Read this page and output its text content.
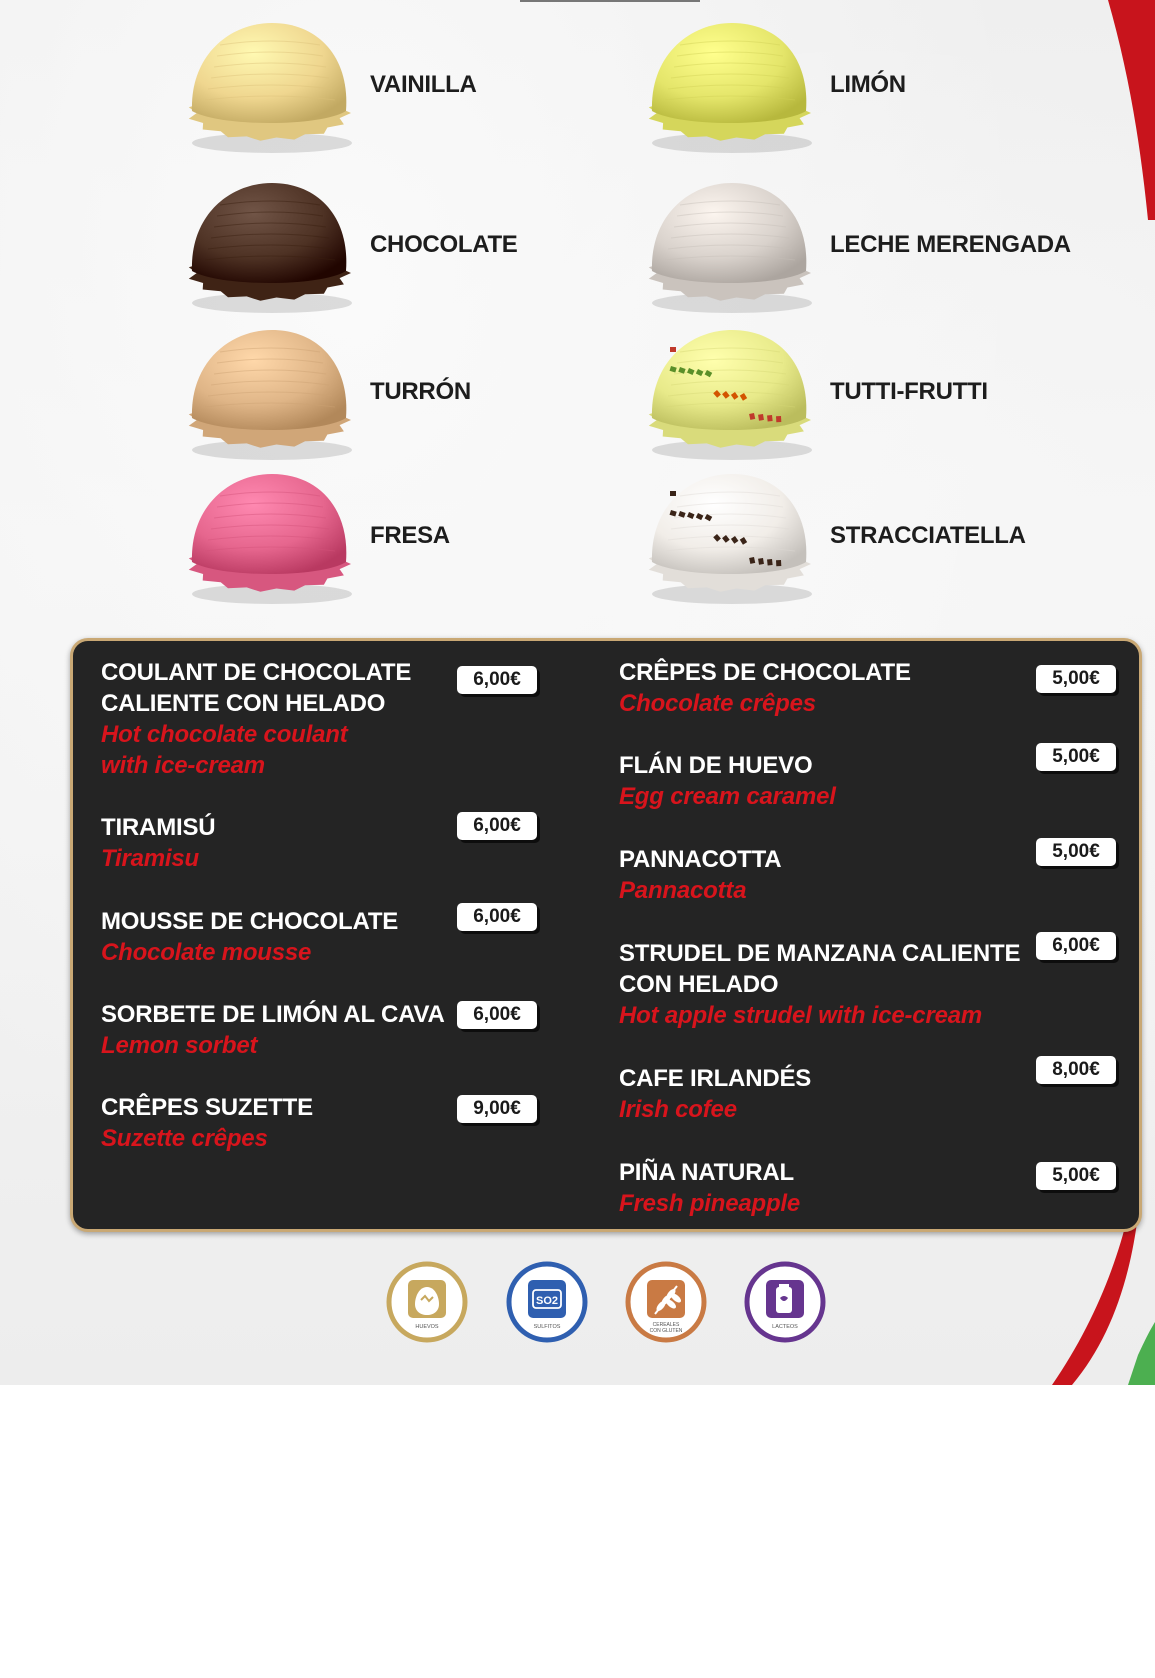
VAINILLA	LIMÓN
CHOCOLATE	LECHE MERENGADA
TURRÓN	TUTTI-FRUTTI
FRESA	STRACCIATELLA
COULANT DE CHOCOLATE
CALIENTE CON HELADO
Hot chocolate coulant
with ice-cream
6,00€
TIRAMISÚ
Tiramisu
6,00€
MOUSSE DE CHOCOLATE
Chocolate mousse
6,00€
SORBETE DE LIMÓN AL CAVA
Lemon sorbet
6,00€
CRÊPES SUZETTE
Suzette crêpes
9,00€
CRÊPES DE CHOCOLATE
Chocolate crêpes
5,00€
FLÁN DE HUEVO
Egg cream caramel
5,00€
PANNACOTTA
Pannacotta
5,00€
STRUDEL DE MANZANA CALIENTE
CON HELADO
Hot apple strudel with ice-cream
6,00€
CAFE IRLANDÉS
Irish cofee
8,00€
PIÑA NATURAL
Fresh pineapple
5,00€
HUEVOS
SO2
SULFITOS	CEREALES
CON GLUTEN
LACTEOS
